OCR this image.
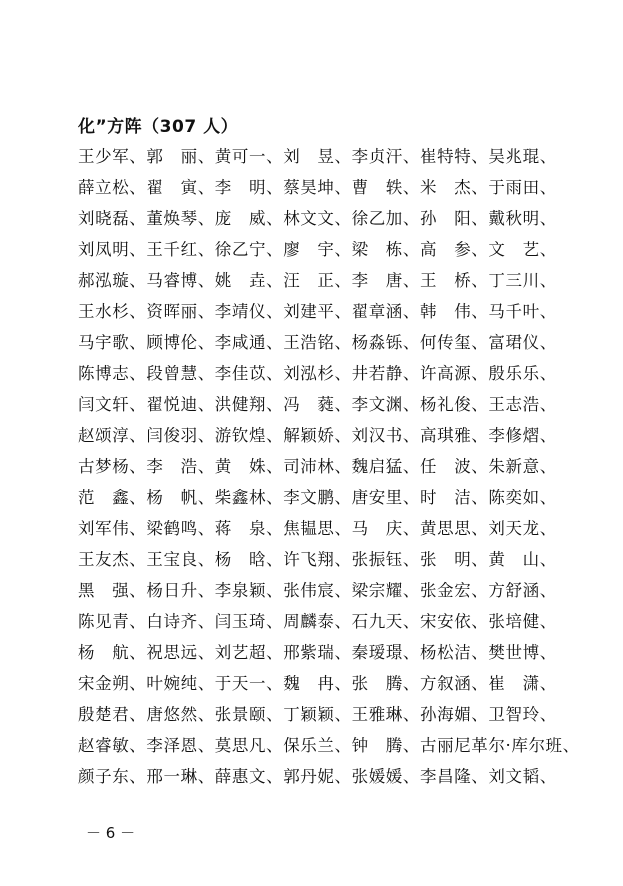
化”方阵（307 人）
王少军、郭　丽、黄可一、刘　昱、李贞汗、崔特特、吴兆琨、
薛立松、翟　寅、李　明、蔡昊坤、曹　轶、米　杰、于雨田、
刘晓磊、董焕琴、庞　威、林文文、徐乙加、孙　阳、戴秋明、
刘凤明、王千红、徐乙宁、廖　宇、梁　栋、高　参、文　艺、
郝泓璇、马睿博、姚　垚、汪　正、李　唐、王　桥、丁三川、
王水杉、资晖丽、李靖仪、刘建平、翟章涵、韩　伟、马千叶、
马宇歌、顾博伦、李咸通、王浩铭、杨淼铄、何传玺、富珺仪、
陈博志、段曾慧、李佳苡、刘泓杉、井若静、许高源、殷乐乐、
闫文轩、翟悦迪、洪健翔、冯　蕤、李文渊、杨礼俊、王志浩、
赵颂淳、闫俊羽、游钦煌、解颖娇、刘汉书、高琪雅、李修熠、
古梦杨、李　浩、黄　姝、司沛林、魏启猛、任　波、朱新意、
范　鑫、杨　帆、柴鑫林、李文鹏、唐安里、时　洁、陈奕如、
刘军伟、梁鹤鸣、蒋　泉、焦韫思、马　庆、黄思思、刘天龙、
王友杰、王宝良、杨　晗、许飞翔、张振钰、张　明、黄　山、
黑　强、杨日升、李泉颖、张伟宸、梁宗耀、张金宏、方舒涵、
陈见青、白诗齐、闫玉琦、周麟泰、石九天、宋安依、张培健、
杨　航、祝思远、刘艺超、邢紫瑞、秦瑷璟、杨松洁、樊世博、
宋金朔、叶婉纯、于天一、魏　冉、张　腾、方叙涵、崔　潇、
殷楚君、唐悠然、张景颐、丁颖颖、王雅琳、孙海媚、卫智玲、
赵睿敏、李泽恩、莫思凡、保乐兰、钟　腾、古丽尼革尔·库尔班、
颜子东、邢一琳、薛惠文、郭丹妮、张媛媛、李昌隆、刘文韬、
－ 6 －
